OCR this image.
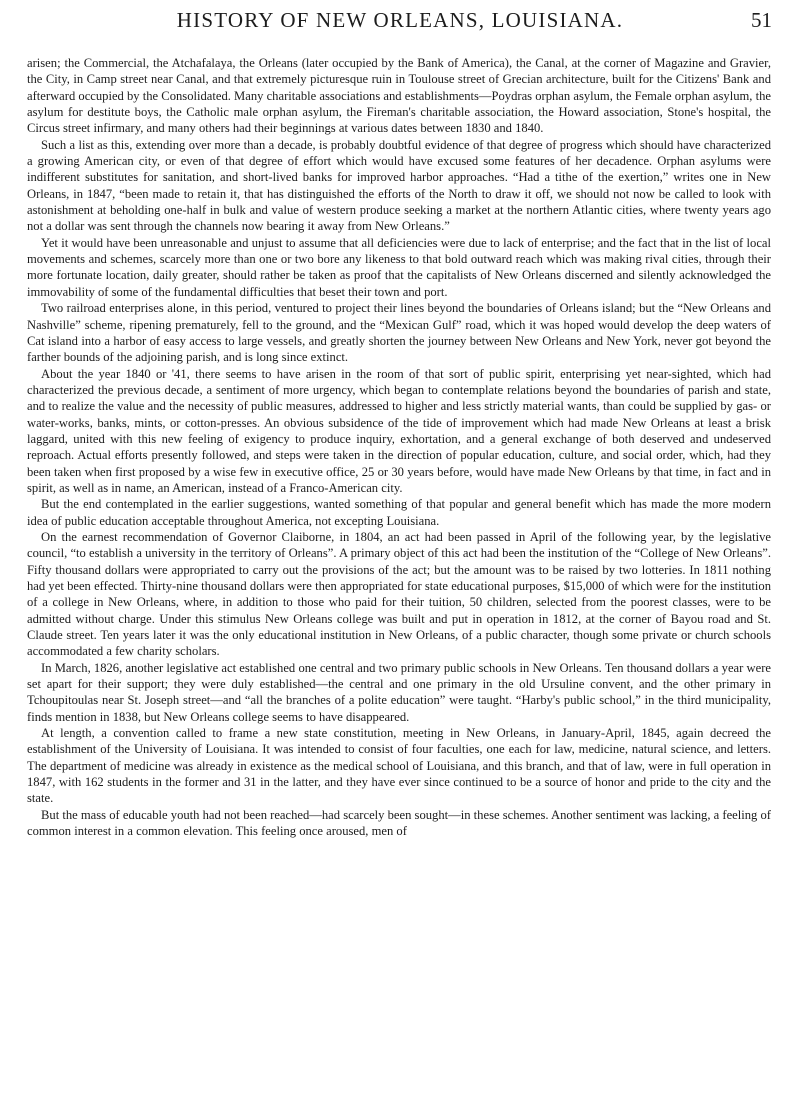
HISTORY OF NEW ORLEANS, LOUISIANA.	51

arisen; the Commercial, the Atchafalaya, the Orleans (later occupied by the Bank of America), the Canal, at the corner of Magazine and Gravier, the City, in Camp street near Canal, and that extremely picturesque ruin in Toulouse street of Grecian architecture, built for the Citizens' Bank and afterward occupied by the Consolidated. Many charitable associations and establishments—Poydras orphan asylum, the Female orphan asylum, the asylum for destitute boys, the Catholic male orphan asylum, the Fireman's charitable association, the Howard association, Stone's hospital, the Circus street infirmary, and many others had their beginnings at various dates between 1830 and 1840.

Such a list as this, extending over more than a decade, is probably doubtful evidence of that degree of progress which should have characterized a growing American city, or even of that degree of effort which would have excused some features of her decadence. Orphan asylums were indifferent substitutes for sanitation, and short-lived banks for improved harbor approaches. “Had a tithe of the exertion,” writes one in New Orleans, in 1847, “been made to retain it, that has distinguished the efforts of the North to draw it off, we should not now be called to look with astonishment at beholding one-half in bulk and value of western produce seeking a market at the northern Atlantic cities, where twenty years ago not a dollar was sent through the channels now bearing it away from New Orleans.”

Yet it would have been unreasonable and unjust to assume that all deficiencies were due to lack of enterprise; and the fact that in the list of local movements and schemes, scarcely more than one or two bore any likeness to that bold outward reach which was making rival cities, through their more fortunate location, daily greater, should rather be taken as proof that the capitalists of New Orleans discerned and silently acknowledged the immovability of some of the fundamental difficulties that beset their town and port.

Two railroad enterprises alone, in this period, ventured to project their lines beyond the boundaries of Orleans island; but the “New Orleans and Nashville” scheme, ripening prematurely, fell to the ground, and the “Mexican Gulf” road, which it was hoped would develop the deep waters of Cat island into a harbor of easy access to large vessels, and greatly shorten the journey between New Orleans and New York, never got beyond the farther bounds of the adjoining parish, and is long since extinct.

About the year 1840 or '41, there seems to have arisen in the room of that sort of public spirit, enterprising yet near-sighted, which had characterized the previous decade, a sentiment of more urgency, which began to contemplate relations beyond the boundaries of parish and state, and to realize the value and the necessity of public measures, addressed to higher and less strictly material wants, than could be supplied by gas- or water-works, banks, mints, or cotton-presses. An obvious subsidence of the tide of improvement which had made New Orleans at least a brisk laggard, united with this new feeling of exigency to produce inquiry, exhortation, and a general exchange of both deserved and undeserved reproach. Actual efforts presently followed, and steps were taken in the direction of popular education, culture, and social order, which, had they been taken when first proposed by a wise few in executive office, 25 or 30 years before, would have made New Orleans by that time, in fact and in spirit, as well as in name, an American, instead of a Franco-American city.

But the end contemplated in the earlier suggestions, wanted something of that popular and general benefit which has made the more modern idea of public education acceptable throughout America, not excepting Louisiana.

On the earnest recommendation of Governor Claiborne, in 1804, an act had been passed in April of the following year, by the legislative council, “to establish a university in the territory of Orleans”. A primary object of this act had been the institution of the “College of New Orleans”. Fifty thousand dollars were appropriated to carry out the provisions of the act; but the amount was to be raised by two lotteries. In 1811 nothing had yet been effected. Thirty-nine thousand dollars were then appropriated for state educational purposes, $15,000 of which were for the institution of a college in New Orleans, where, in addition to those who paid for their tuition, 50 children, selected from the poorest classes, were to be admitted without charge. Under this stimulus New Orleans college was built and put in operation in 1812, at the corner of Bayou road and St. Claude street. Ten years later it was the only educational institution in New Orleans, of a public character, though some private or church schools accommodated a few charity scholars.

In March, 1826, another legislative act established one central and two primary public schools in New Orleans. Ten thousand dollars a year were set apart for their support; they were duly established—the central and one primary in the old Ursuline convent, and the other primary in Tchoupitoulas near St. Joseph street—and “all the branches of a polite education” were taught. “Harby's public school,” in the third municipality, finds mention in 1838, but New Orleans college seems to have disappeared.

At length, a convention called to frame a new state constitution, meeting in New Orleans, in January-April, 1845, again decreed the establishment of the University of Louisiana. It was intended to consist of four faculties, one each for law, medicine, natural science, and letters. The department of medicine was already in existence as the medical school of Louisiana, and this branch, and that of law, were in full operation in 1847, with 162 students in the former and 31 in the latter, and they have ever since continued to be a source of honor and pride to the city and the state.

But the mass of educable youth had not been reached—had scarcely been sought—in these schemes. Another sentiment was lacking, a feeling of common interest in a common elevation. This feeling once aroused, men of
